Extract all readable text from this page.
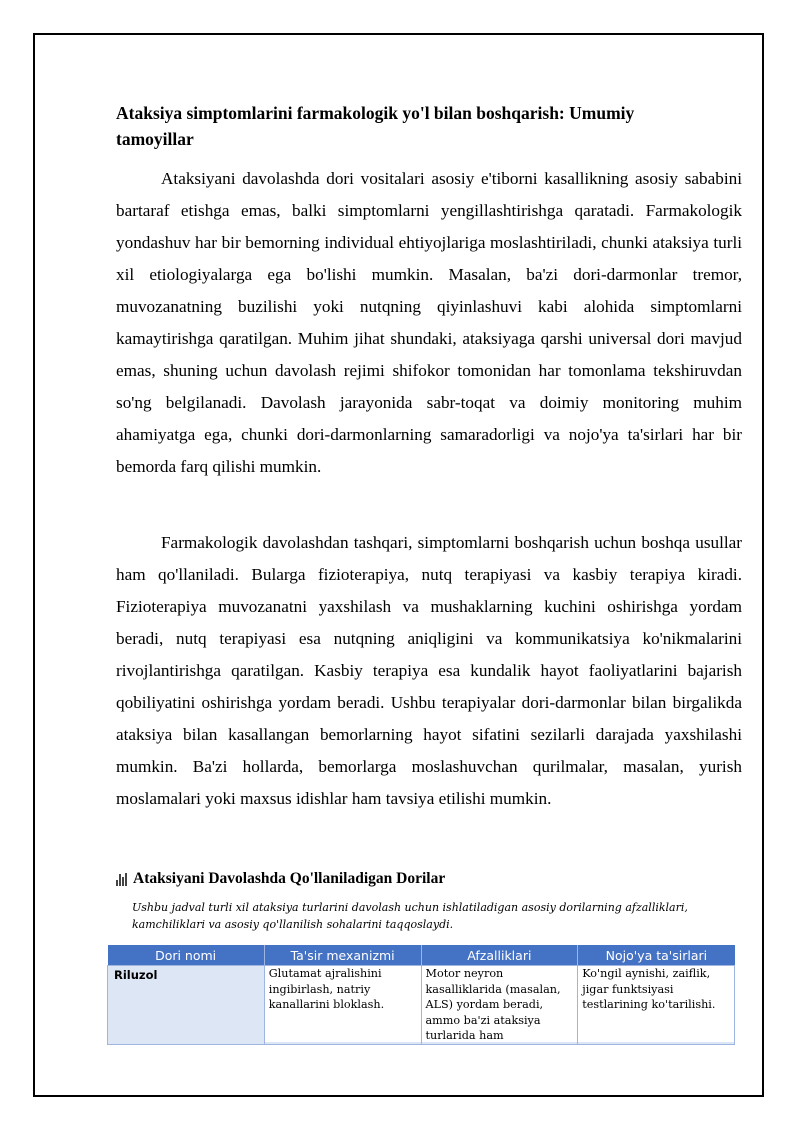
Ataksiya simptomlarini farmakologik yo'l bilan boshqarish: Umumiy tamoyillar

Ataksiyani davolashda dori vositalari asosiy e'tiborni kasallikning asosiy sababini bartaraf etishga emas, balki simptomlarni yengillashtirishga qaratadi. Farmakologik yondashuv har bir bemorning individual ehtiyojlariga moslashtiriladi, chunki ataksiya turli xil etiologiyalarga ega bo'lishi mumkin. Masalan, ba'zi dori-darmonlar tremor, muvozanatning buzilishi yoki nutqning qiyinlashuvi kabi alohida simptomlarni kamaytirishga qaratilgan. Muhim jihat shundaki, ataksiyaga qarshi universal dori mavjud emas, shuning uchun davolash rejimi shifokor tomonidan har tomonlama tekshiruvdan so'ng belgilanadi. Davolash jarayonida sabr-toqat va doimiy monitoring muhim ahamiyatga ega, chunki dori-darmonlarning samaradorligi va nojo'ya ta'sirlari har bir bemorda farq qilishi mumkin.

Farmakologik davolashdan tashqari, simptomlarni boshqarish uchun boshqa usullar ham qo'llaniladi. Bularga fizioterapiya, nutq terapiyasi va kasbiy terapiya kiradi. Fizioterapiya muvozanatni yaxshilash va mushaklarning kuchini oshirishga yordam beradi, nutq terapiyasi esa nutqning aniqligini va kommunikatsiya ko'nikmalarini rivojlantirishga qaratilgan. Kasbiy terapiya esa kundalik hayot faoliyatlarini bajarish qobiliyatini oshirishga yordam beradi. Ushbu terapiyalar dori-darmonlar bilan birgalikda ataksiya bilan kasallangan bemorlarning hayot sifatini sezilarli darajada yaxshilashi mumkin. Ba'zi hollarda, bemorlarga moslashuvchan qurilmalar, masalan, yurish moslamalari yoki maxsus idishlar ham tavsiya etilishi mumkin.

Ataksiyani Davolashda Qo'llaniladigan Dorilar

Ushbu jadval turli xil ataksiya turlarini davolash uchun ishlatiladigan asosiy dorilarning afzalliklari, kamchiliklari va asosiy qo'llanilish sohalarini taqqoslaydi.

Dori nomi	Ta'sir mexanizmi	Afzalliklari	Nojo'ya ta'sirlari
Riluzol	Glutamat ajralishini ingibirlash, natriy kanallarini bloklash.	Motor neyron kasalliklarida (masalan, ALS) yordam beradi, ammo ba'zi ataksiya turlarida ham	Ko'ngil aynishi, zaiflik, jigar funktsiyasi testlarining ko'tarilishi.
